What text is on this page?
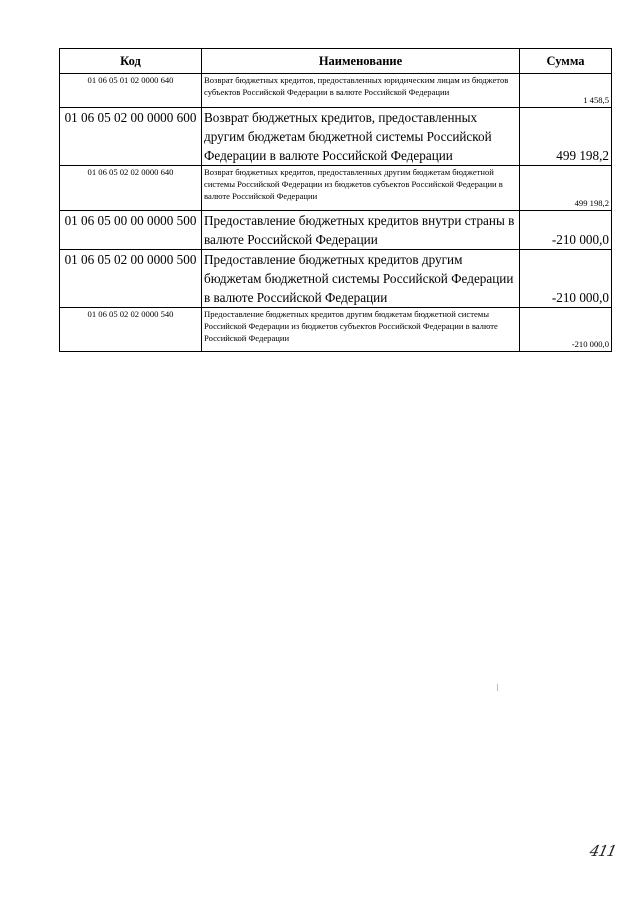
Код	Наименование	Сумма
01 06 05 01 02 0000 640	Возврат бюджетных кредитов, предоставленных юридическим лицам из бюджетов субъектов Российской Федерации в валюте Российской Федерации	1 458,5
01 06 05 02 00 0000 600	Возврат бюджетных кредитов, предоставленных другим бюджетам бюджетной системы Российской Федерации в валюте Российской Федерации	499 198,2
01 06 05 02 02 0000 640	Возврат бюджетных кредитов, предоставленных другим бюджетам бюджетной системы Российской Федерации из бюджетов субъектов Российской Федерации в валюте Российской Федерации	499 198,2
01 06 05 00 00 0000 500	Предоставление бюджетных кредитов внутри страны в валюте Российской Федерации	-210 000,0
01 06 05 02 00 0000 500	Предоставление бюджетных кредитов другим бюджетам бюджетной системы Российской Федерации в валюте Российской Федерации	-210 000,0
01 06 05 02 02 0000 540	Предоставление бюджетных кредитов другим бюджетам бюджетной системы Российской Федерации из бюджетов субъектов Российской Федерации в валюте Российской Федерации	-210 000,0
411
